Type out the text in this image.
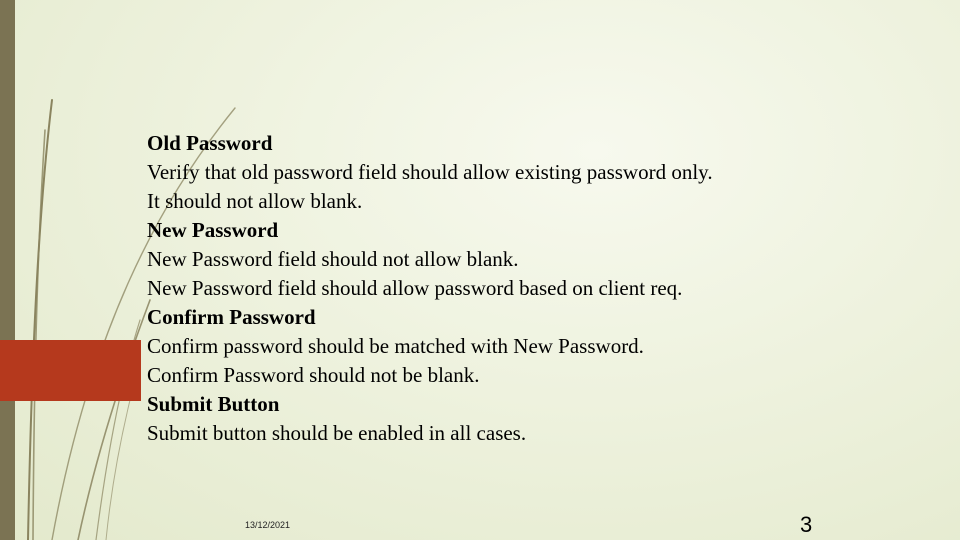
Old Password
Verify that old password field should allow existing password only.
It should not allow blank.
New Password
New Password field should not allow blank.
New Password field should allow password based on client req.
Confirm Password
Confirm password should be matched with New Password.
Confirm Password should not be blank.
Submit Button
Submit button should be enabled in all cases.
13/12/2021	3
